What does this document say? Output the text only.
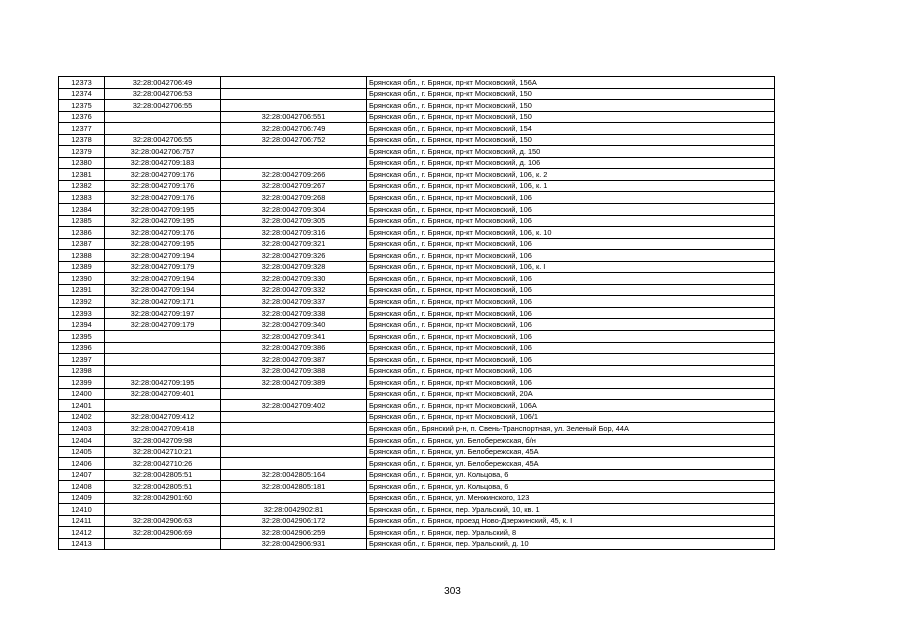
12373	32:28:0042706:49		Брянская обл., г. Брянск, пр-кт Московский, 156А
12374	32:28:0042706:53		Брянская обл., г. Брянск, пр-кт Московский, 150
12375	32:28:0042706:55		Брянская обл., г. Брянск, пр-кт Московский, 150
12376		32:28:0042706:551	Брянская обл., г. Брянск, пр-кт Московский, 150
12377		32:28:0042706:749	Брянская обл., г. Брянск, пр-кт Московский, 154
12378	32:28:0042706:55	32:28:0042706:752	Брянская обл., г. Брянск, пр-кт Московский, 150
12379	32:28:0042706:757		Брянская обл., г. Брянск, пр-кт Московский, д. 150
12380	32:28:0042709:183		Брянская обл., г. Брянск, пр-кт Московский, д. 106
12381	32:28:0042709:176	32:28:0042709:266	Брянская обл., г. Брянск, пр-кт Московский, 106, к. 2
12382	32:28:0042709:176	32:28:0042709:267	Брянская обл., г. Брянск, пр-кт Московский, 106, к. 1
12383	32:28:0042709:176	32:28:0042709:268	Брянская обл., г. Брянск, пр-кт Московский, 106
12384	32:28:0042709:195	32:28:0042709:304	Брянская обл., г. Брянск, пр-кт Московский, 106
12385	32:28:0042709:195	32:28:0042709:305	Брянская обл., г. Брянск, пр-кт Московский, 106
12386	32:28:0042709:176	32:28:0042709:316	Брянская обл., г. Брянск, пр-кт Московский, 106, к. 10
12387	32:28:0042709:195	32:28:0042709:321	Брянская обл., г. Брянск, пр-кт Московский, 106
12388	32:28:0042709:194	32:28:0042709:326	Брянская обл., г. Брянск, пр-кт Московский, 106
12389	32:28:0042709:179	32:28:0042709:328	Брянская обл., г. Брянск, пр-кт Московский, 106, к. I
12390	32:28:0042709:194	32:28:0042709:330	Брянская обл., г. Брянск, пр-кт Московский, 106
12391	32:28:0042709:194	32:28:0042709:332	Брянская обл., г. Брянск, пр-кт Московский, 106
12392	32:28:0042709:171	32:28:0042709:337	Брянская обл., г. Брянск, пр-кт Московский, 106
12393	32:28:0042709:197	32:28:0042709:338	Брянская обл., г. Брянск, пр-кт Московский, 106
12394	32:28:0042709:179	32:28:0042709:340	Брянская обл., г. Брянск, пр-кт Московский, 106
12395		32:28:0042709:341	Брянская обл., г. Брянск, пр-кт Московский, 106
12396		32:28:0042709:386	Брянская обл., г. Брянск, пр-кт Московский, 106
12397		32:28:0042709:387	Брянская обл., г. Брянск, пр-кт Московский, 106
12398		32:28:0042709:388	Брянская обл., г. Брянск, пр-кт Московский, 106
12399	32:28:0042709:195	32:28:0042709:389	Брянская обл., г. Брянск, пр-кт Московский, 106
12400	32:28:0042709:401		Брянская обл., г. Брянск, пр-кт Московский, 20А
12401		32:28:0042709:402	Брянская обл., г. Брянск, пр-кт Московский, 106А
12402	32:28:0042709:412		Брянская обл., г. Брянск, пр-кт Московский, 106/1
12403	32:28:0042709:418		Брянская обл., Брянский р-н, п. Свень-Транспортная, ул. Зеленый Бор, 44А
12404	32:28:0042709:98		Брянская обл., г. Брянск, ул. Белобережская, б/н
12405	32:28:0042710:21		Брянская обл., г. Брянск, ул. Белобережская, 45А
12406	32:28:0042710:26		Брянская обл., г. Брянск, ул. Белобережская, 45А
12407	32:28:0042805:51	32:28:0042805:164	Брянская обл., г. Брянск, ул. Кольцова, 6
12408	32:28:0042805:51	32:28:0042805:181	Брянская обл., г. Брянск, ул. Кольцова, 6
12409	32:28:0042901:60		Брянская обл., г. Брянск, ул. Менжинского, 123
12410		32:28:0042902:81	Брянская обл., г. Брянск, пер. Уральский, 10, кв. 1
12411	32:28:0042906:63	32:28:0042906:172	Брянская обл., г. Брянск, проезд Ново-Дзержинский, 45, к. I
12412	32:28:0042906:69	32:28:0042906:259	Брянская обл., г. Брянск, пер. Уральский, 8
12413		32:28:0042906:931	Брянская обл., г. Брянск, пер. Уральский, д. 10
303
